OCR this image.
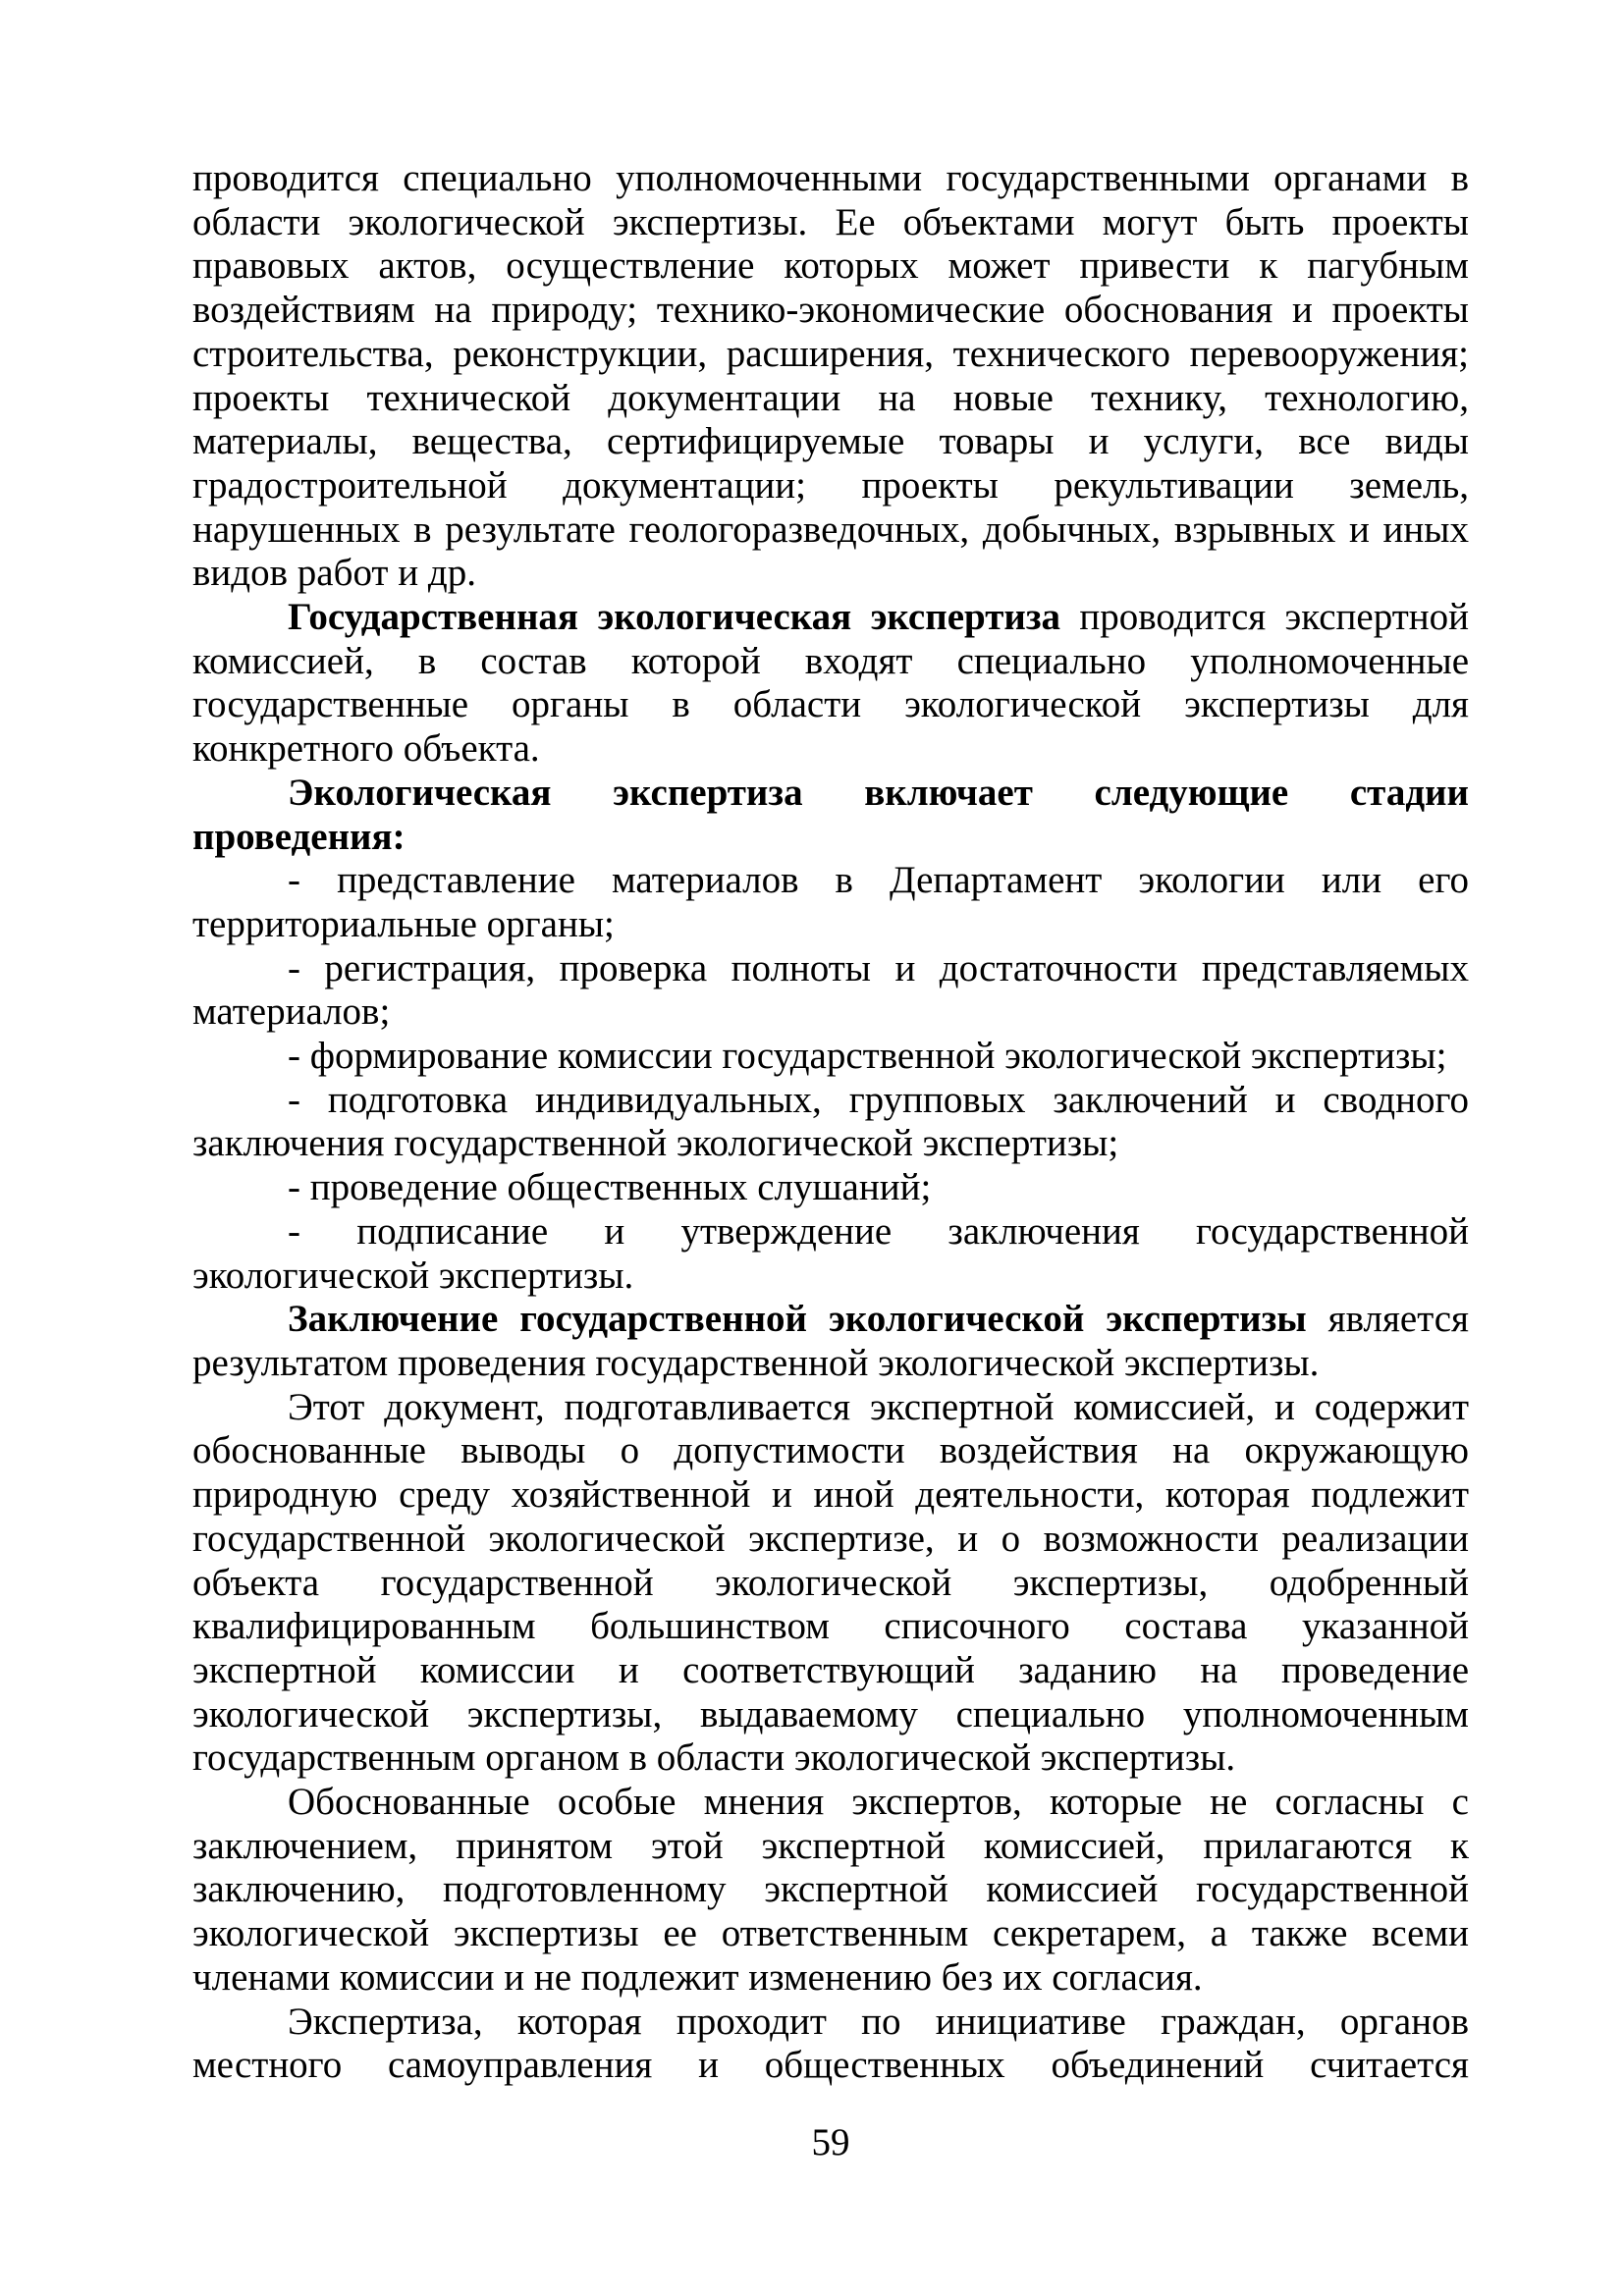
проводится специально уполномоченными государственными органами в области экологической экспертизы. Ее объектами могут быть проекты правовых актов, осуществление которых может привести к пагубным воздействиям на природу; технико-экономические обоснования и проекты строительства, реконструкции, расширения, технического перевооружения; проекты технической документации на новые технику, технологию, материалы, вещества, сертифицируемые товары и услуги, все виды градостроительной документации; проекты рекультивации земель, нарушенных в результате геологоразведочных, добычных, взрывных и иных видов работ и др.

Государственная экологическая экспертиза проводится экспертной комиссией, в состав которой входят специально уполномоченные государственные органы в области экологической экспертизы для конкретного объекта.

Экологическая экспертиза включает следующие стадии проведения:

- представление материалов в Департамент экологии или его территориальные органы;

- регистрация, проверка полноты и достаточности представляемых материалов;

- формирование комиссии государственной экологической экспертизы;

- подготовка индивидуальных, групповых заключений и сводного заключения государственной экологической экспертизы;

- проведение общественных слушаний;

- подписание и утверждение заключения государственной экологической экспертизы.

Заключение государственной экологической экспертизы является результатом проведения государственной экологической экспертизы.

Этот документ, подготавливается экспертной комиссией, и содержит обоснованные выводы о допустимости воздействия на окружающую природную среду хозяйственной и иной деятельности, которая подлежит государственной экологической экспертизе, и о возможности реализации объекта государственной экологической экспертизы, одобренный квалифицированным большинством списочного состава указанной экспертной комиссии и соответствующий заданию на проведение экологической экспертизы, выдаваемому специально уполномоченным государственным органом в области экологической экспертизы.

Обоснованные особые мнения экспертов, которые не согласны с заключением, принятом этой экспертной комиссией, прилагаются к заключению, подготовленному экспертной комиссией государственной экологической экспертизы ее ответственным секретарем, а также всеми членами комиссии и не подлежит изменению без их согласия.

Экспертиза, которая проходит по инициативе граждан, органов местного самоуправления и общественных объединений считается

59
